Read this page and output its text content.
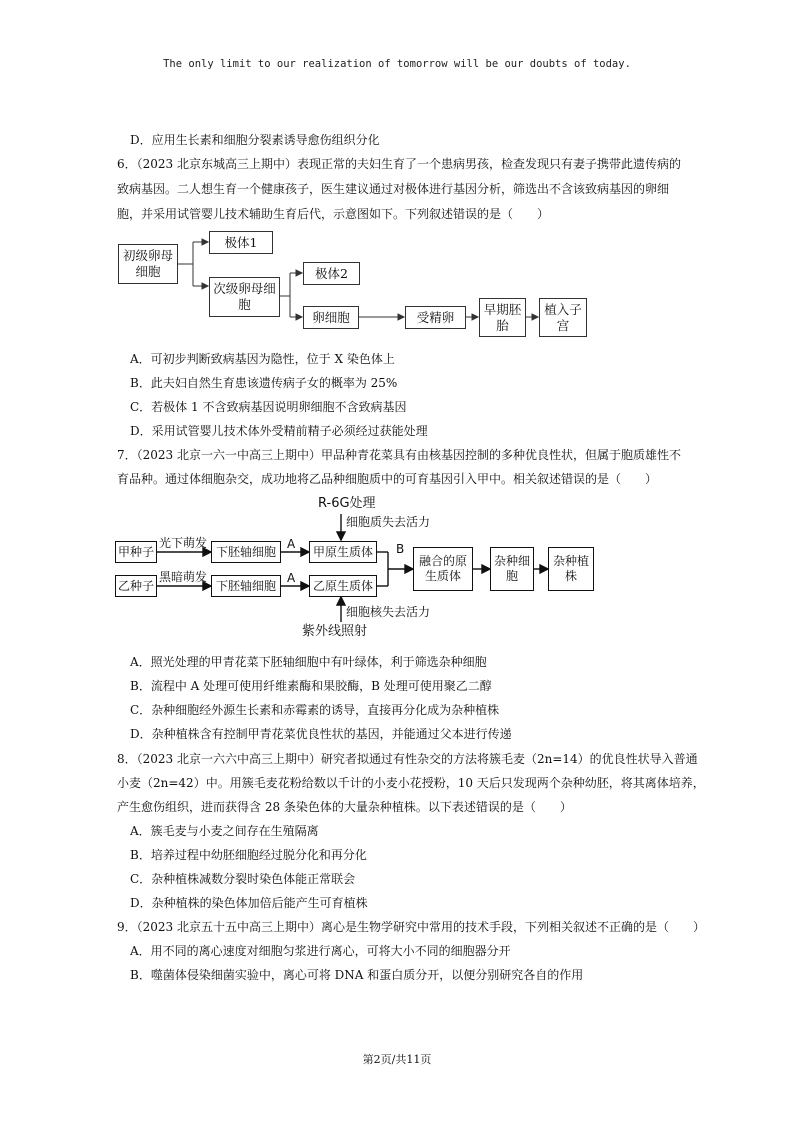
The only limit to our realization of tomorrow will be our doubts of today.
D．应用生长素和细胞分裂素诱导愈伤组织分化
6．（2023 北京东城高三上期中）表现正常的夫妇生育了一个患病男孩，检查发现只有妻子携带此遗传病的
致病基因。二人想生育一个健康孩子，医生建议通过对极体进行基因分析，筛选出不含该致病基因的卵细
胞，并采用试管婴儿技术辅助生育后代，示意图如下。下列叙述错误的是（　　）
初级卵母细胞
极体1
次级卵母细胞
极体2
卵细胞	受精卵
早期胚胎
植入子宫
A．可初步判断致病基因为隐性，位于 X 染色体上
B．此夫妇自然生育患该遗传病子女的概率为 25%
C．若极体 1 不含致病基因说明卵细胞不含致病基因
D．采用试管婴儿技术体外受精前精子必须经过获能处理
7．（2023 北京一六一中高三上期中）甲品种青花菜具有由核基因控制的多种优良性状，但属于胞质雄性不
育品种。通过体细胞杂交，成功地将乙品种细胞质中的可育基因引入甲中。相关叙述错误的是（　　）
R-6G处理
细胞质失去活力
甲种子
乙种子
光下萌发
黑暗萌发
下胚轴细胞
下胚轴细胞
A
A
甲原生质体
乙原生质体
B
融合的原生质体
杂种细胞
杂种植株
细胞核失去活力
紫外线照射
A．照光处理的甲青花菜下胚轴细胞中有叶绿体，利于筛选杂种细胞
B．流程中 A 处理可使用纤维素酶和果胶酶，B 处理可使用聚乙二醇
C．杂种细胞经外源生长素和赤霉素的诱导，直接再分化成为杂种植株
D．杂种植株含有控制甲青花菜优良性状的基因，并能通过父本进行传递
8．（2023 北京一六六中高三上期中）研究者拟通过有性杂交的方法将簇毛麦（2n=14）的优良性状导入普通
小麦（2n=42）中。用簇毛麦花粉给数以千计的小麦小花授粉，10 天后只发现两个杂种幼胚，将其离体培养，
产生愈伤组织，进而获得含 28 条染色体的大量杂种植株。以下表述错误的是（　　）
A．簇毛麦与小麦之间存在生殖隔离
B．培养过程中幼胚细胞经过脱分化和再分化
C．杂种植株减数分裂时染色体能正常联会
D．杂种植株的染色体加倍后能产生可育植株
9．（2023 北京五十五中高三上期中）离心是生物学研究中常用的技术手段，下列相关叙述不正确的是（　　）
A．用不同的离心速度对细胞匀浆进行离心，可将大小不同的细胞器分开
B．噬菌体侵染细菌实验中，离心可将 DNA 和蛋白质分开，以便分别研究各自的作用
第2页/共11页
